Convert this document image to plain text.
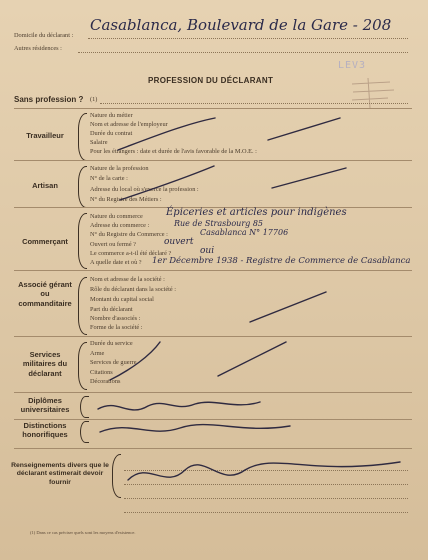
Domicile du déclarant :
Casablanca, Boulevard de la Gare - 208
Autres résidences :
LEV3
PROFESSION DU DÉCLARANT
Sans profession ? (1)
Travailleur
Nature du métier
Nom et adresse de l'employeur
Durée du contrat
Salaire
Pour les étrangers : date et durée de l'avis favorable de la M.O.E. :
Artisan
Nature de la profession
N° de la carte :
Adresse du local où s'exerce la profession :
N° du Registre des Métiers :
Commerçant
Nature du commerce
Adresse du commerce :
N° du Registre du Commerce :
Ouvert ou fermé ?
Le commerce a-t-il été déclaré ?
A quelle date et où ?
Épiceries et articles pour indigènes
Rue de Strasbourg 85
Casablanca N° 17706
ouvert
oui
1er Décembre 1938 - Registre de Commerce de Casablanca
Associé gérant ou commanditaire
Nom et adresse de la société :
Rôle du déclarant dans la société :
Montant du capital social
Part du déclarant
Nombre d'associés :
Forme de la société :
Services militaires du déclarant
Durée du service
Arme
Services de guerre
Citations
Décorations
Diplômes universitaires
Distinctions honorifiques
Renseignements divers que le déclarant estimerait devoir fournir
(1) Dans ce cas préciser quels sont les moyens d'existence.
